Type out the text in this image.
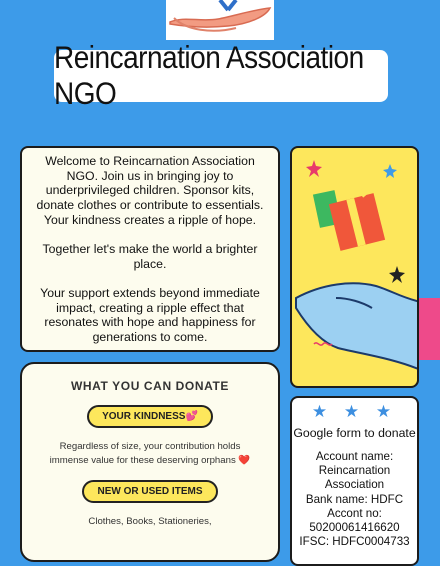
Reincarnation Association NGO

Welcome to Reincarnation Association NGO. Join us in bringing joy to underprivileged children. Sponsor kits, donate clothes or contribute to essentials. Your kindness creates a ripple of hope.

Together let's make the world a brighter place.

Your support extends beyond immediate impact, creating a ripple effect that resonates with hope and happiness for generations to come.

WHAT YOU CAN DONATE
YOUR KINDNESS💕
Regardless of size, your contribution holds immense value for these deserving orphans ❤️
NEW OR USED ITEMS
Clothes, Books, Stationeries,
★ ★ ★
Google form to donate
Account name:
Reincarnation Association
Bank name: HDFC
Accont no:
50200061416620
IFSC: HDFC0004733
